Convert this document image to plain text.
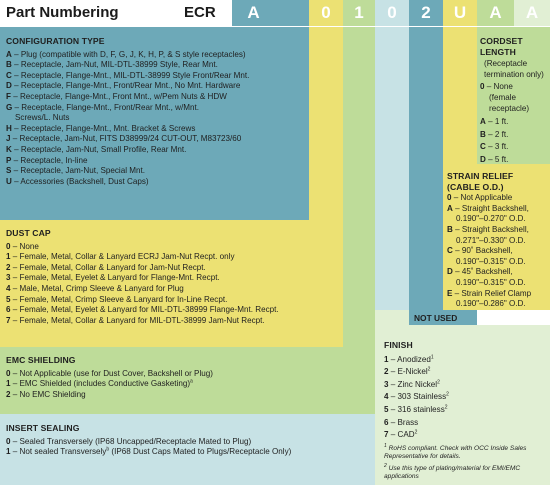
Part Numbering	ECR	A	0	1	0	2	U	A	A
CONFIGURATION TYPE
A – Plug (compatible with D, F, G, J, K, H, P, & S style receptacles)
B – Receptacle, Jam-Nut, MIL-DTL-38999 Style, Rear Mnt.
C – Receptacle, Flange-Mnt., MIL-DTL-38999 Style Front/Rear Mnt.
D – Receptacle, Flange-Mnt., Front/Rear Mnt., No Mnt. Hardware
F – Receptacle, Flange-Mnt., Front Mnt., w/Pem Nuts & HDW
G – Receptacle, Flange-Mnt., Front/Rear Mnt., w/Mnt.
Screws/L. Nuts
H – Receptacle, Flange-Mnt., Mnt. Bracket & Screws
J – Receptacle, Jam-Nut, FITS D38999/24 CUT-OUT, M83723/60
K – Receptacle, Jam-Nut, Small Profile, Rear Mnt.
P – Receptacle, In-line
S – Receptacle, Jam-Nut, Special Mnt.
U – Accessories (Backshell, Dust Caps)
DUST CAP
0 – None
1 – Female, Metal, Collar & Lanyard ECRJ Jam-Nut Recpt. only
2 – Female, Metal, Collar & Lanyard for Jam-Nut Recpt.
3 – Female, Metal, Eyelet & Lanyard for Flange-Mnt. Recpt.
4 – Male, Metal, Crimp Sleeve & Lanyard for Plug
5 – Female, Metal, Crimp Sleeve & Lanyard for In-Line Recpt.
6 – Female, Metal, Eyelet & Lanyard for MIL-DTL-38999 Flange-Mnt. Recpt.
7 – Female, Metal, Collar & Lanyard for MIL-DTL-38999 Jam-Nut Recpt.
EMC SHIELDING
0 – Not Applicable (use for Dust Cover, Backshell or Plug)
1 – EMC Shielded (includes Conductive Gasketing)$^a$
2 – No EMC Shielding
INSERT SEALING
0 – Sealed Transversely (IP68 Uncapped/Receptacle Mated to Plug)
1 – Not sealed Transversely$^b$ (IP68 Dust Caps Mated to Plugs/Receptacle Only)
CORDSET
LENGTH
(Receptacle
termination only)
0 – None
(female
receptacle)
A – 1 ft.
B – 2 ft.
C – 3 ft.
D – 5 ft.
STRAIN RELIEF
(CABLE O.D.)
0 – Not Applicable
A – Straight Backshell,
0.190"–0.270" O.D.
B – Straight Backshell,
0.271"–0.330" O.D.
C – 90˚ Backshell,
0.190"–0.315" O.D.
D – 45˚ Backshell,
0.190"–0.315" O.D.
E – Strain Relief Clamp
0.190"–0.286" O.D.
NOT USED
FINISH
1 – Anodized$^1$
2 – E-Nickel$^2$
3 – Zinc Nickel$^2$
4 – 303 Stainless$^2$
5 – 316 stainless$^2$
6 – Brass
7 – CAD$^2$
$^1$ RoHS compliant. Check with OCC Inside Sales Representative for details.
$^2$ Use this type of plating/material for EMI/EMC applications
